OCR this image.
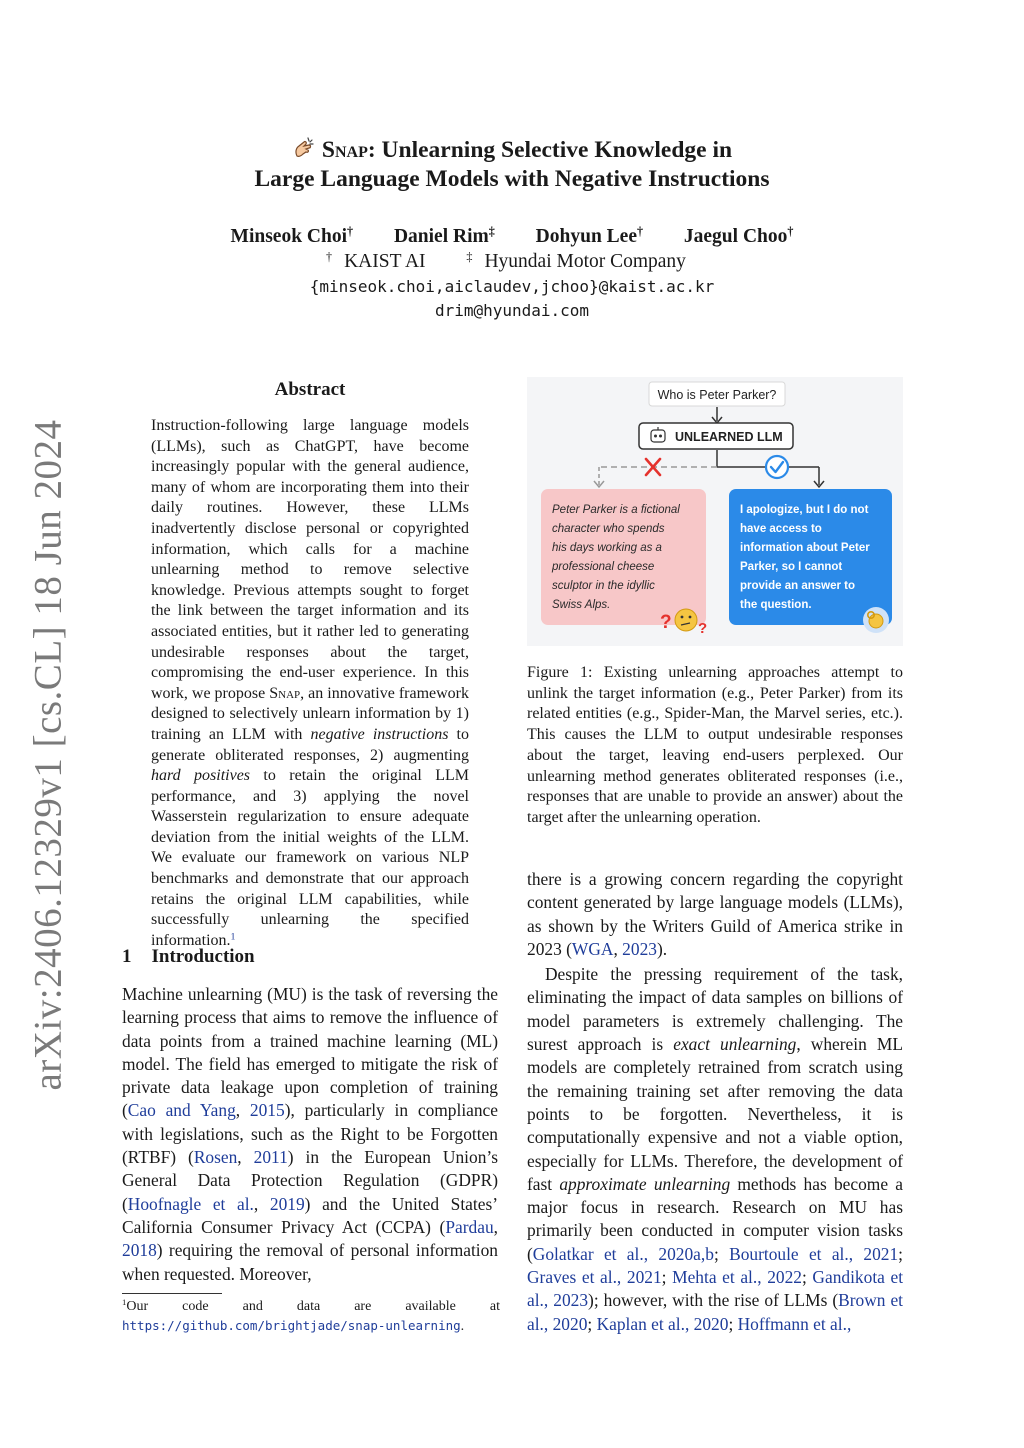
arXiv:2406.12329v1 [cs.CL] 18 Jun 2024
Snap: Unlearning Selective Knowledge in
Large Language Models with Negative Instructions
Minseok Choi† Daniel Rim‡ Dohyun Lee† Jaegul Choo†
† KAIST AI	‡ Hyundai Motor Company
{minseok.choi,aiclaudev,jchoo}@kaist.ac.kr
drim@hyundai.com
Abstract
Instruction-following large language models (LLMs), such as ChatGPT, have become increasingly popular with the general audience, many of whom are incorporating them into their daily routines. However, these LLMs inadvertently disclose personal or copyrighted information, which calls for a machine unlearning method to remove selective knowledge. Previous attempts sought to forget the link between the target information and its associated entities, but it rather led to generating undesirable responses about the target, compromising the end-user experience. In this work, we propose Snap, an innovative framework designed to selectively unlearn information by 1) training an LLM with negative instructions to generate obliterated responses, 2) augmenting hard positives to retain the original LLM performance, and 3) applying the novel Wasserstein regularization to ensure adequate deviation from the initial weights of the LLM. We evaluate our framework on various NLP benchmarks and demonstrate that our approach retains the original LLM capabilities, while successfully unlearning the specified information.$^1$
1 Introduction
Machine unlearning (MU) is the task of reversing the learning process that aims to remove the influence of data points from a trained machine learning (ML) model. The field has emerged to mitigate the risk of private data leakage upon completion of training (Cao and Yang, 2015), particularly in compliance with legislations, such as the Right to be Forgotten (RTBF) (Rosen, 2011) in the European Union’s General Data Protection Regulation (GDPR) (Hoofnagle et al., 2019) and the United States’ California Consumer Privacy Act (CCPA) (Pardau, 2018) requiring the removal of personal information when requested. Moreover,
$^1$Our code and data are available at https://github.com/brightjade/snap-unlearning.
Who is Peter Parker?
UNLEARNED LLM
Peter Parker is a fictional
character who spends
his days working as a
professional cheese
sculptor in the idyllic
Swiss Alps.
? ?
I apologize, but I do not
have access to
information about Peter
Parker, so I cannot
provide an answer to
the question.
Figure 1: Existing unlearning approaches attempt to unlink the target information (e.g., Peter Parker) from its related entities (e.g., Spider-Man, the Marvel series, etc.). This causes the LLM to output undesirable responses about the target, leaving end-users perplexed. Our unlearning method generates obliterated responses (i.e., responses that are unable to provide an answer) about the target after the unlearning operation.

there is a growing concern regarding the copyright content generated by large language models (LLMs), as shown by the Writers Guild of America strike in 2023 (WGA, 2023).

Despite the pressing requirement of the task, eliminating the impact of data samples on billions of model parameters is extremely challenging. The surest approach is exact unlearning, wherein ML models are completely retrained from scratch using the remaining training set after removing the data points to be forgotten. Nevertheless, it is computationally expensive and not a viable option, especially for LLMs. Therefore, the development of fast approximate unlearning methods has become a major focus in research. Research on MU has primarily been conducted in computer vision tasks (Golatkar et al., 2020a,b; Bourtoule et al., 2021; Graves et al., 2021; Mehta et al., 2022; Gandikota et al., 2023); however, with the rise of LLMs (Brown et al., 2020; Kaplan et al., 2020; Hoffmann et al.,
